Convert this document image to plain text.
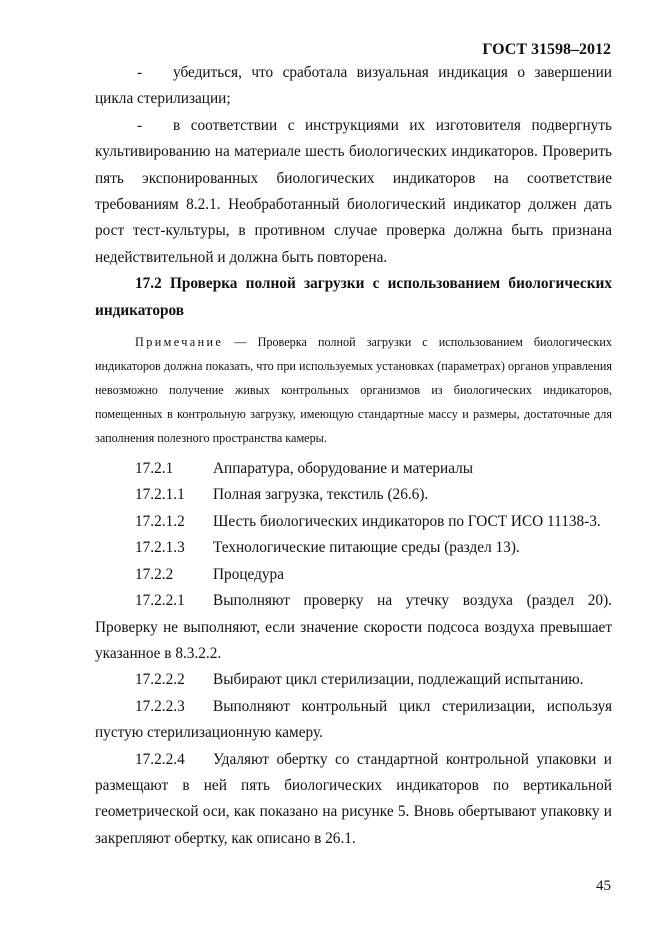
ГОСТ 31598–2012

- убедиться, что сработала визуальная индикация о завершении

цикла стерилизации;

- в соответствии с инструкциями их изготовителя подвергнуть

культивированию на материале шесть биологических индикаторов. Проверить пять экспонированных биологических индикаторов на соответствие требованиям 8.2.1. Необработанный биологический индикатор должен дать рост тест-культуры, в противном случае проверка должна быть признана недействительной и должна быть повторена.

17.2 Проверка полной загрузки с использованием биологических индикаторов

Примечание — Проверка полной загрузки с использованием биологических индикаторов должна показать, что при используемых установках (параметрах) органов управления невозможно получение живых контрольных организмов из биологических индикаторов, помещенных в контрольную загрузку, имеющую стандартные массу и размеры, достаточные для заполнения полезного пространства камеры.

17.2.1	Аппаратура, оборудование и материалы
17.2.1.1	Полная загрузка, текстиль (26.6).
17.2.1.2	Шесть биологических индикаторов по ГОСТ ИСО 11138-3.
17.2.1.3	Технологические питающие среды (раздел 13).
17.2.2	Процедура
17.2.2.1	Выполняют проверку на утечку воздуха (раздел 20).

Проверку не выполняют, если значение скорости подсоса воздуха превышает указанное в 8.3.2.2.

17.2.2.2	Выбирают цикл стерилизации, подлежащий испытанию.
17.2.2.3	Выполняют контрольный цикл стерилизации, используя

пустую стерилизационную камеру.

17.2.2.4	Удаляют обертку со стандартной контрольной упаковки и

размещают в ней пять биологических индикаторов по вертикальной геометрической оси, как показано на рисунке 5. Вновь обертывают упаковку и закрепляют обертку, как описано в 26.1.

45
